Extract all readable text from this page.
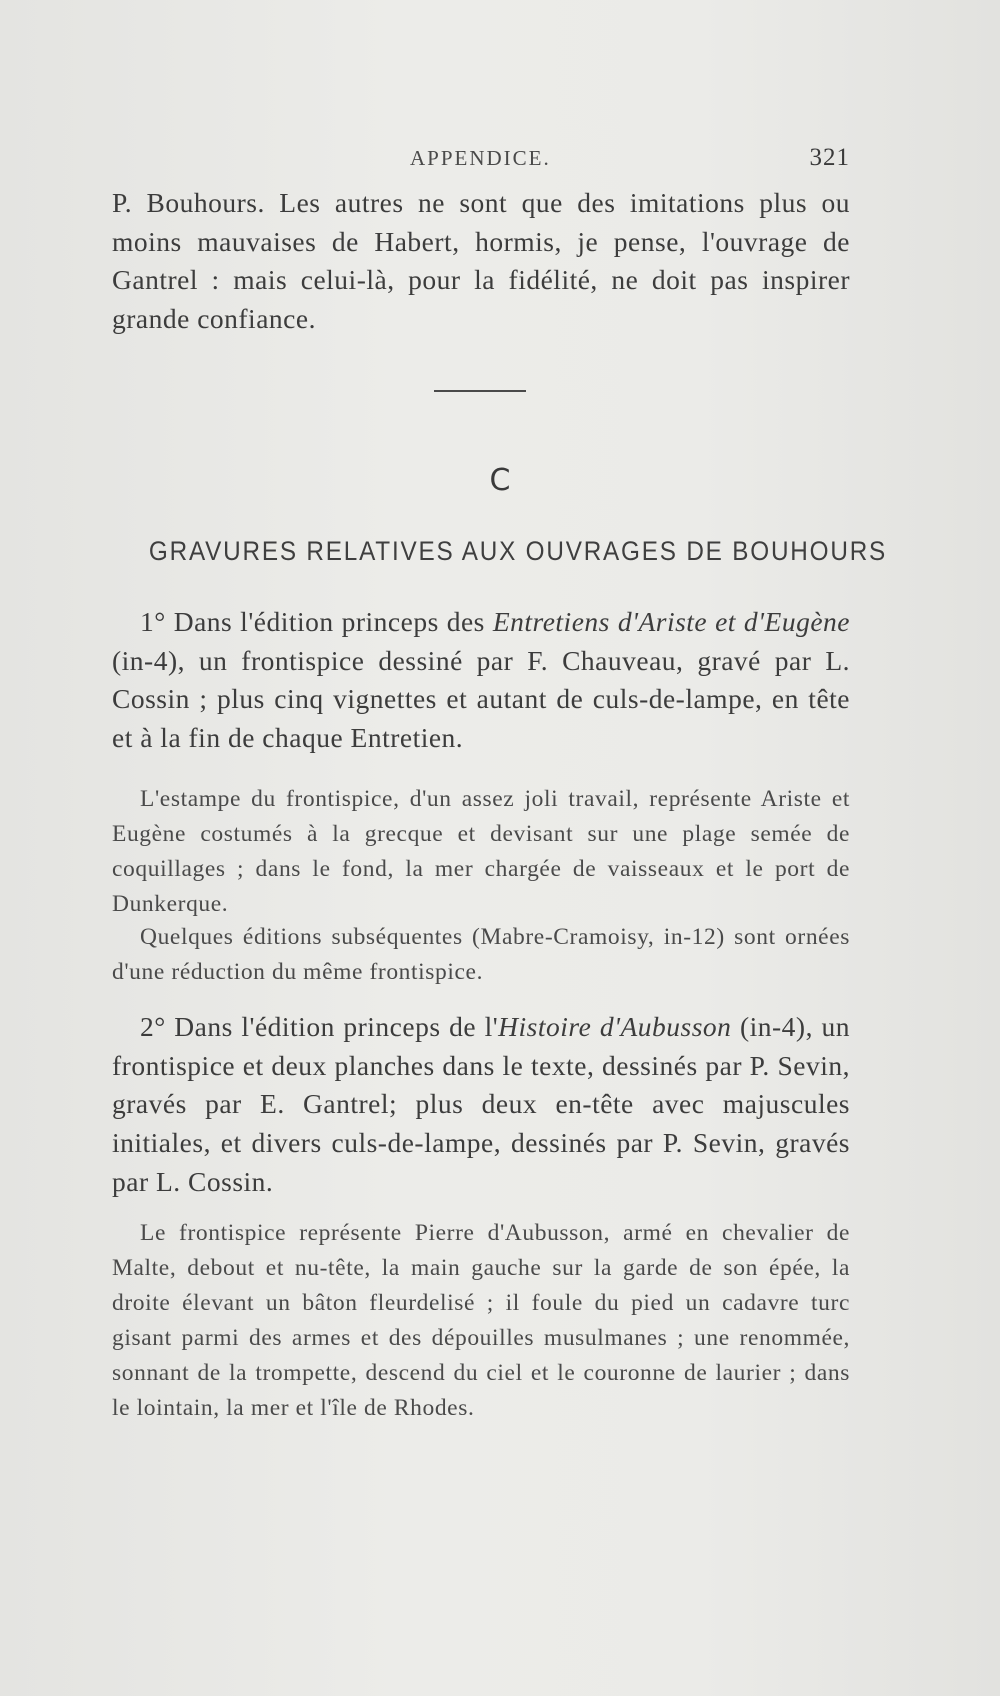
APPENDICE.	321

P. Bouhours. Les autres ne sont que des imitations plus ou moins mauvaises de Habert, hormis, je pense, l'ouvrage de Gantrel : mais celui-là, pour la fidélité, ne doit pas inspirer grande confiance.

C
GRAVURES RELATIVES AUX OUVRAGES DE BOUHOURS

1° Dans l'édition princeps des Entretiens d'Ariste et d'Eugène (in-4), un frontispice dessiné par F. Chauveau, gravé par L. Cossin ; plus cinq vignettes et autant de culs-de-lampe, en tête et à la fin de chaque Entretien.

L'estampe du frontispice, d'un assez joli travail, représente Ariste et Eugène costumés à la grecque et devisant sur une plage semée de coquillages ; dans le fond, la mer chargée de vaisseaux et le port de Dunkerque.

Quelques éditions subséquentes (Mabre-Cramoisy, in-12) sont ornées d'une réduction du même frontispice.

2° Dans l'édition princeps de l'Histoire d'Aubusson (in-4), un frontispice et deux planches dans le texte, dessinés par P. Sevin, gravés par E. Gantrel; plus deux en-tête avec majuscules initiales, et divers culs-de-lampe, dessinés par P. Sevin, gravés par L. Cossin.

Le frontispice représente Pierre d'Aubusson, armé en chevalier de Malte, debout et nu-tête, la main gauche sur la garde de son épée, la droite élevant un bâton fleurdelisé ; il foule du pied un cadavre turc gisant parmi des armes et des dépouilles musulmanes ; une renommée, sonnant de la trompette, descend du ciel et le couronne de laurier ; dans le lointain, la mer et l'île de Rhodes.
